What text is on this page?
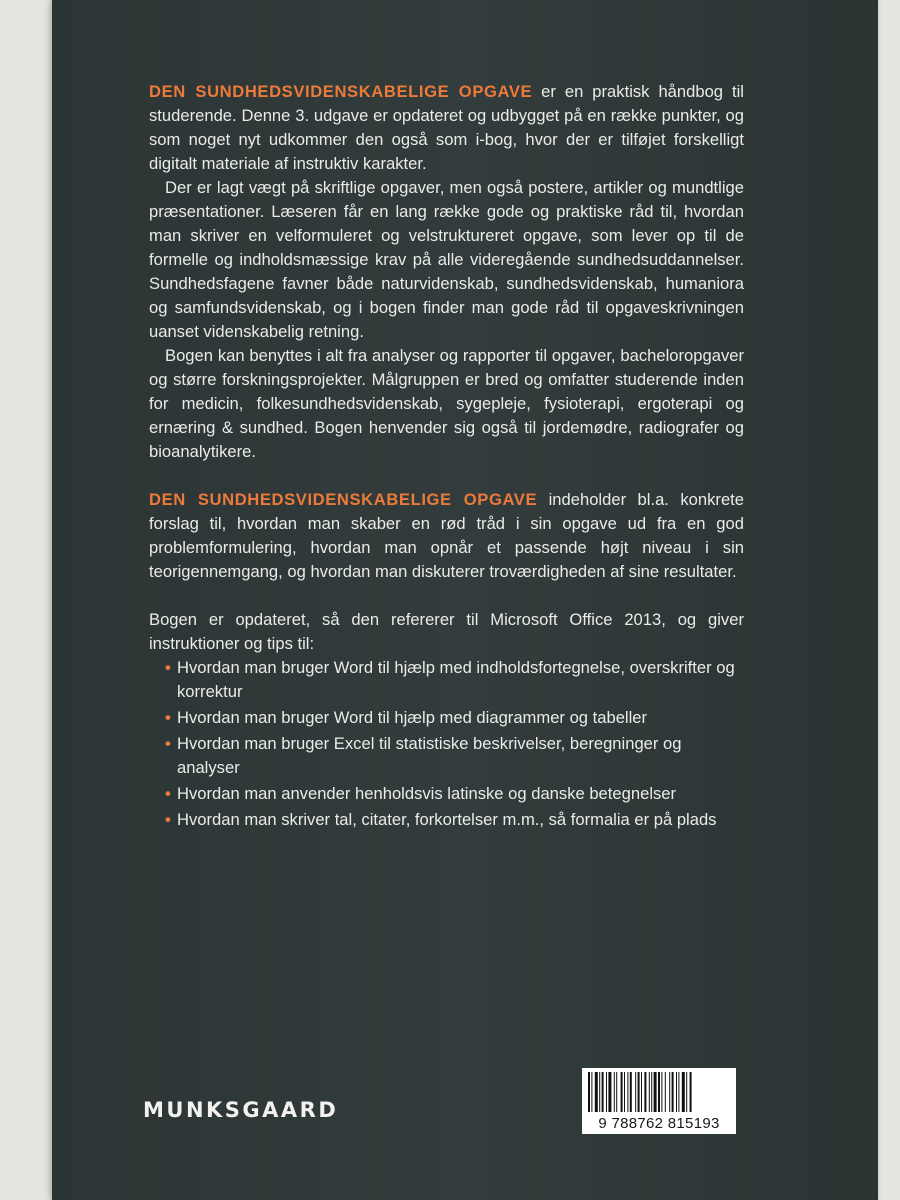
DEN SUNDHEDSVIDENSKABELIGE OPGAVE er en praktisk håndbog til studerende. Denne 3. udgave er opdateret og udbygget på en række punkter, og som noget nyt udkommer den også som i-bog, hvor der er tilføjet forskelligt digitalt materiale af instruktiv karakter.

Der er lagt vægt på skriftlige opgaver, men også postere, artikler og mundtlige præsentationer. Læseren får en lang række gode og praktiske råd til, hvordan man skriver en velformuleret og velstruktureret opgave, som lever op til de formelle og indholdsmæssige krav på alle videregående sundhedsuddannelser. Sundhedsfagene favner både naturvidenskab, sundhedsvidenskab, humaniora og samfundsvidenskab, og i bogen finder man gode råd til opgaveskrivningen uanset videnskabelig retning.

Bogen kan benyttes i alt fra analyser og rapporter til opgaver, bacheloropgaver og større forskningsprojekter. Målgruppen er bred og omfatter studerende inden for medicin, folkesundhedsvidenskab, sygepleje, fysioterapi, ergoterapi og ernæring & sundhed. Bogen henvender sig også til jordemødre, radiografer og bioanalytikere.

DEN SUNDHEDSVIDENSKABELIGE OPGAVE indeholder bl.a. konkrete forslag til, hvordan man skaber en rød tråd i sin opgave ud fra en god problemformulering, hvordan man opnår et passende højt niveau i sin teorigennemgang, og hvordan man diskuterer troværdigheden af sine resultater.

Bogen er opdateret, så den refererer til Microsoft Office 2013, og giver instruktioner og tips til:

• Hvordan man bruger Word til hjælp med indholdsfortegnelse, overskrifter og korrektur
• Hvordan man bruger Word til hjælp med diagrammer og tabeller
• Hvordan man bruger Excel til statistiske beskrivelser, beregninger og analyser
• Hvordan man anvender henholdsvis latinske og danske betegnelser
• Hvordan man skriver tal, citater, forkortelser m.m., så formalia er på plads
MUNKSGAARD
9 788762 815193
